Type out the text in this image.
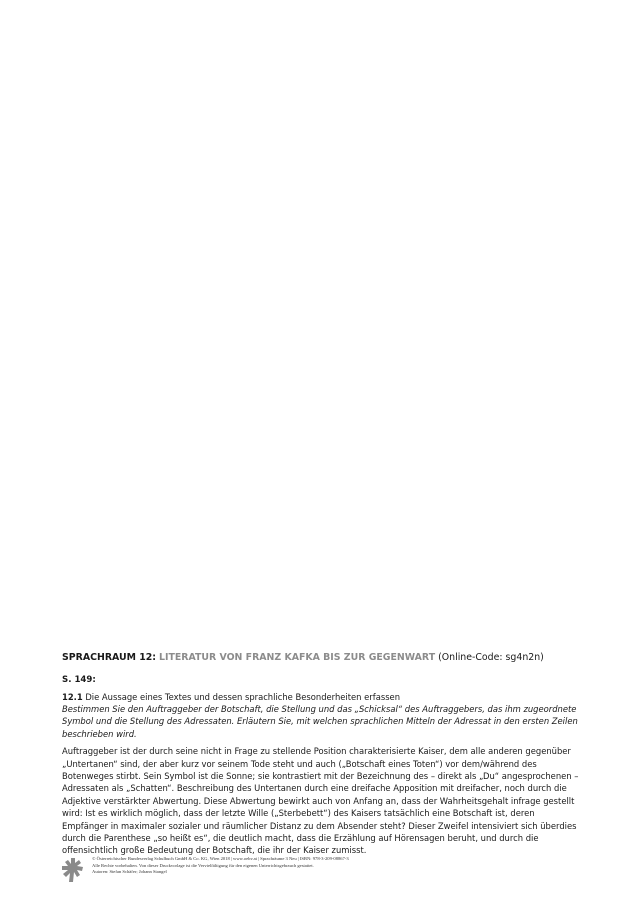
SPRACHRAUM 12: LITERATUR VON FRANZ KAFKA BIS ZUR GEGENWART (Online-Code: sg4n2n)
S. 149:
12.1 Die Aussage eines Textes und dessen sprachliche Besonderheiten erfassen
Bestimmen Sie den Auftraggeber der Botschaft, die Stellung und das „Schicksal“ des Auftraggebers, das ihm zugeordnete Symbol und die Stellung des Adressaten. Erläutern Sie, mit welchen sprachlichen Mitteln der Adressat in den ersten Zeilen beschrieben wird.
Auftraggeber ist der durch seine nicht in Frage zu stellende Position charakterisierte Kaiser, dem alle anderen gegenüber „Untertanen“ sind, der aber kurz vor seinem Tode steht und auch („Botschaft eines Toten“) vor dem/während des Botenweges stirbt. Sein Symbol ist die Sonne; sie kontrastiert mit der Bezeichnung des – direkt als „Du“ angesprochenen – Adressaten als „Schatten“. Beschreibung des Untertanen durch eine dreifache Apposition mit dreifacher, noch durch die Adjektive verstärkter Abwertung. Diese Abwertung bewirkt auch von Anfang an, dass der Wahrheitsgehalt infrage gestellt wird: Ist es wirklich möglich, dass der letzte Wille („Sterbebett“) des Kaisers tatsächlich eine Botschaft ist, deren Empfänger in maximaler sozialer und räumlicher Distanz zu dem Absender steht? Dieser Zweifel intensiviert sich überdies durch die Parenthese „so heißt es“, die deutlich macht, dass die Erzählung auf Hörensagen beruht, und durch die offensichtlich große Bedeutung der Botschaft, die ihr der Kaiser zumisst.
© Österreichischer Bundesverlag Schulbuch GmbH & Co. KG, Wien 2018 | www.oebv.at | Sprachräume 3 Neu | ISBN: 978-3-209-08867-3
Alle Rechte vorbehalten. Von dieser Druckvorlage ist die Vervielfältigung für den eigenen Unterrichtsgebrauch gestattet.
Autoren: Stefan Schäfer; Johann Stangel
